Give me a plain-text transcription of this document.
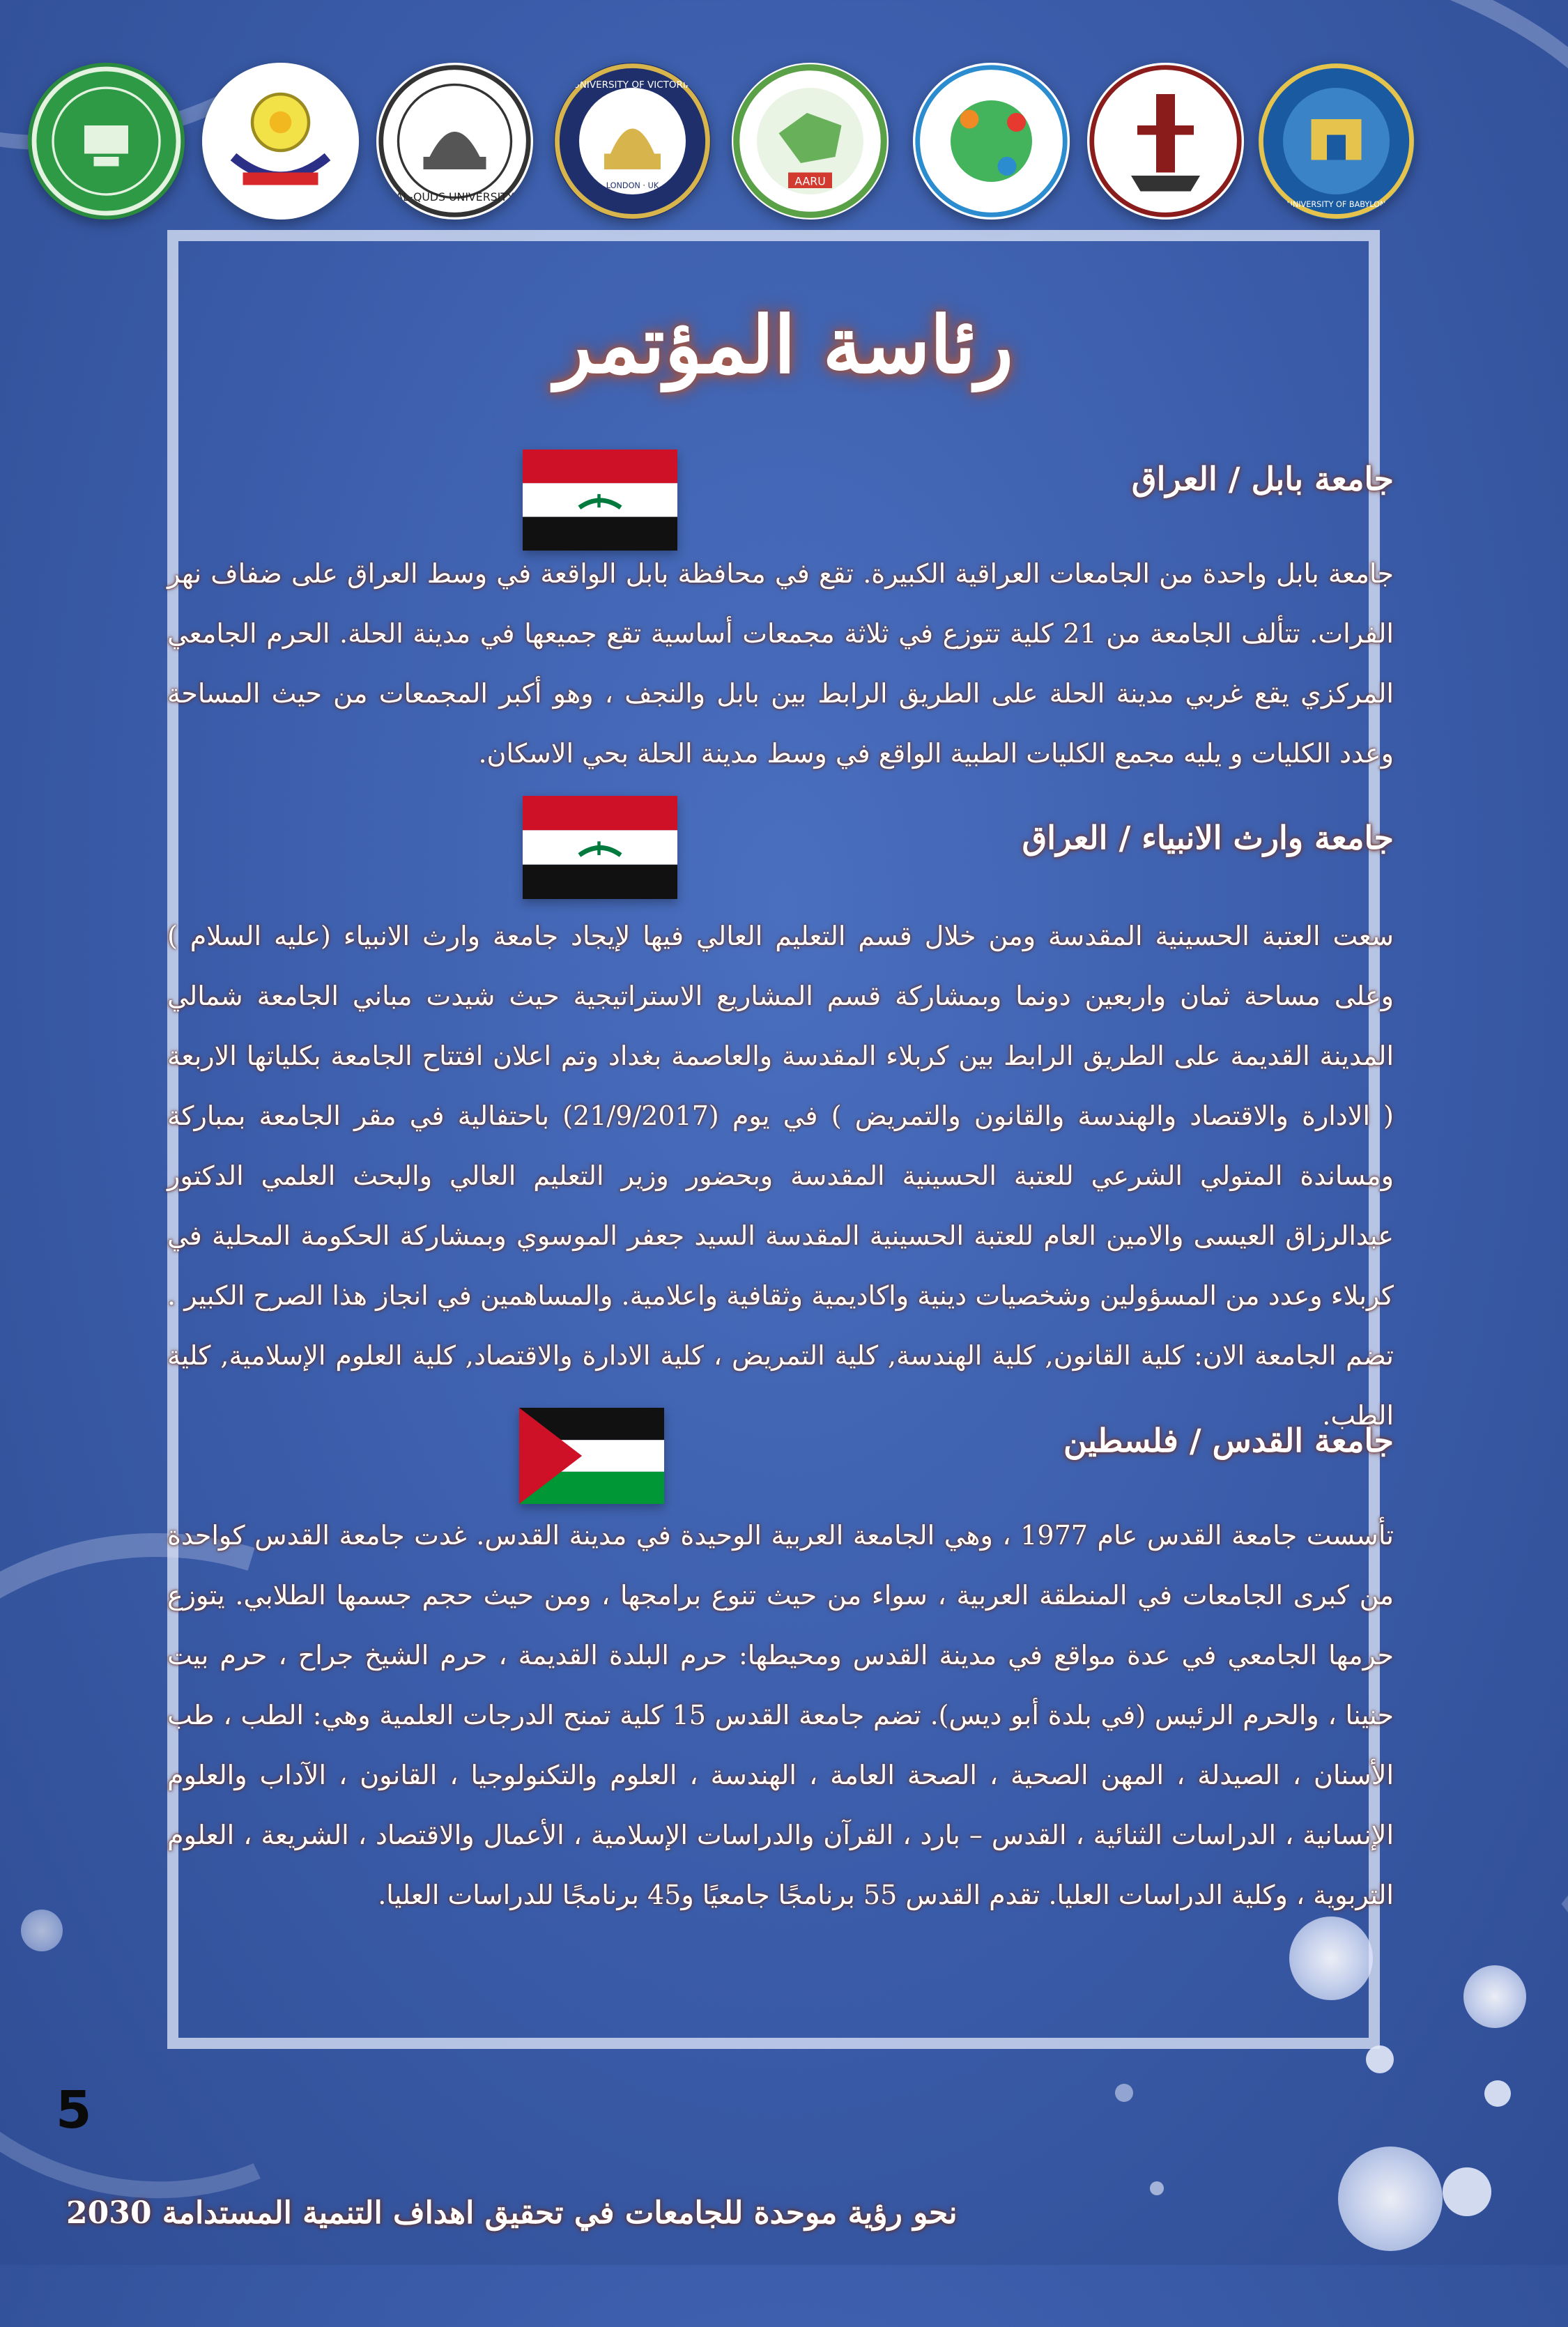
AL-QUDS UNIVERSITY
UNIVERSITY OF VICTORIA
LONDON · UK	AARU
UNIVERSITY OF BABYLON
رئاسة المؤتمر
جامعة بابل / العراق
جامعة بابل واحدة من الجامعات العراقية الكبيرة. تقع في محافظة بابل الواقعة في وسط العراق على ضفاف نهر الفرات. تتألف الجامعة من 21 كلية تتوزع في ثلاثة مجمعات أساسية تقع جميعها في مدينة الحلة. الحرم الجامعي المركزي يقع غربي مدينة الحلة على الطريق الرابط بين بابل والنجف ، وهو أكبر المجمعات من حيث المساحة وعدد الكليات و يليه مجمع الكليات الطبية الواقع في وسط مدينة الحلة بحي الاسكان.
جامعة وارث الانبياء / العراق
سعت العتبة الحسينية المقدسة ومن خلال قسم التعليم العالي فيها لإيجاد جامعة وارث الانبياء (عليه السلام ) وعلى مساحة ثمان واربعين دونما وبمشاركة قسم المشاريع الاستراتيجية حيث شيدت مباني الجامعة شمالي المدينة القديمة على الطريق الرابط بين كربلاء المقدسة والعاصمة بغداد وتم اعلان افتتاح الجامعة بكلياتها الاربعة ( الادارة والاقتصاد والهندسة والقانون والتمريض ) في يوم (21/9/2017) باحتفالية في مقر الجامعة بمباركة ومساندة المتولي الشرعي للعتبة الحسينية المقدسة وبحضور وزير التعليم العالي والبحث العلمي الدكتور عبدالرزاق العيسى والامين العام للعتبة الحسينية المقدسة السيد جعفر الموسوي وبمشاركة الحكومة المحلية في كربلاء وعدد من المسؤولين وشخصيات دينية واكاديمية وثقافية واعلامية. والمساهمين في انجاز هذا الصرح الكبير . تضم الجامعة الان: كلية القانون, كلية الهندسة, كلية التمريض ، كلية الادارة والاقتصاد, كلية العلوم الإسلامية, كلية الطب.
جامعة القدس / فلسطين
تأسست جامعة القدس عام 1977 ، وهي الجامعة العربية الوحيدة في مدينة القدس. غدت جامعة القدس كواحدة من كبرى الجامعات في المنطقة العربية ، سواء من حيث تنوع برامجها ، ومن حيث حجم جسمها الطلابي. يتوزع حرمها الجامعي في عدة مواقع في مدينة القدس ومحيطها: حرم البلدة القديمة ، حرم الشيخ جراح ، حرم بيت حنينا ، والحرم الرئيس (في بلدة أبو ديس). تضم جامعة القدس 15 كلية تمنح الدرجات العلمية وهي: الطب ، طب الأسنان ، الصيدلة ، المهن الصحية ، الصحة العامة ، الهندسة ، العلوم والتكنولوجيا ، القانون ، الآداب والعلوم الإنسانية ، الدراسات الثنائية ، القدس – بارد ، القرآن والدراسات الإسلامية ، الأعمال والاقتصاد ، الشريعة ، العلوم التربوية ، وكلية الدراسات العليا. تقدم القدس 55 برنامجًا جامعيًا و45 برنامجًا للدراسات العليا.
5
نحو رؤية موحدة للجامعات في تحقيق اهداف التنمية المستدامة 2030
